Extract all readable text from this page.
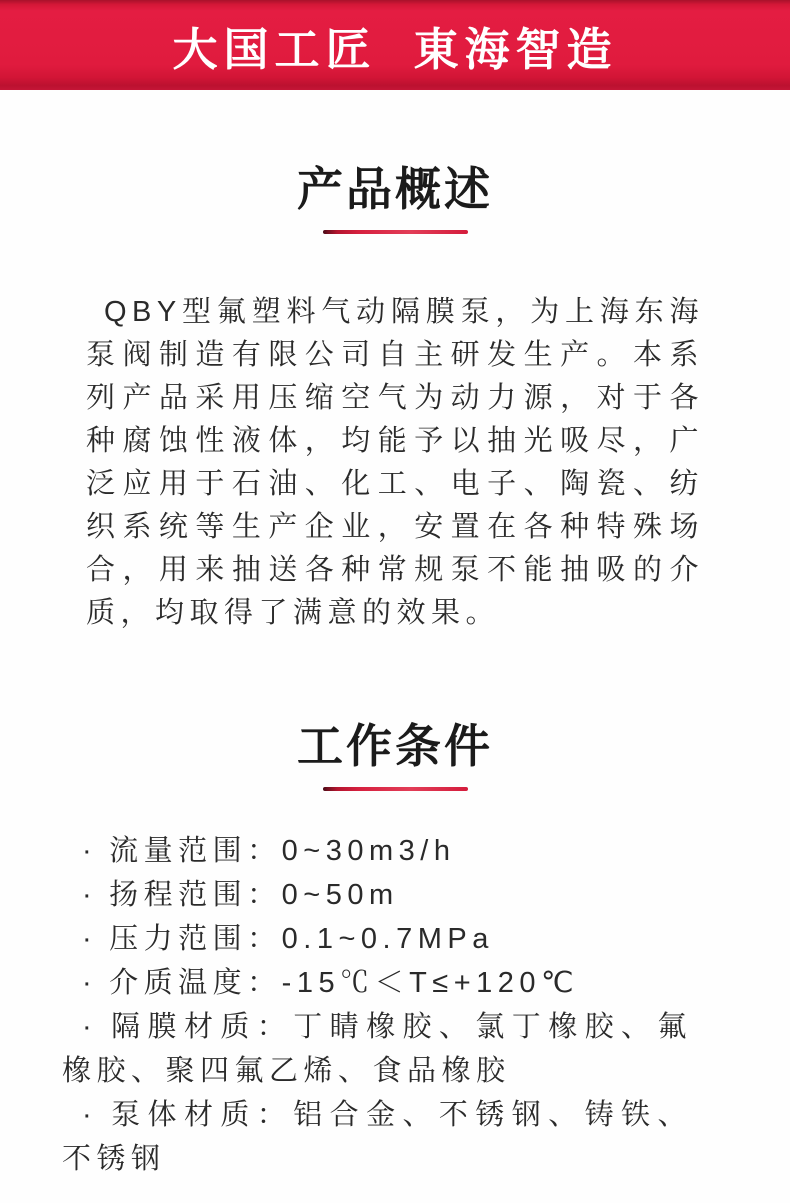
大国工匠  東海智造
产品概述

QBY型氟塑料气动隔膜泵，为上海东海泵阀制造有限公司自主研发生产。本系列产品采用压缩空气为动力源，对于各种腐蚀性液体，均能予以抽光吸尽，广泛应用于石油、化工、电子、陶瓷、纺织系统等生产企业，安置在各种特殊场合，用来抽送各种常规泵不能抽吸的介质，均取得了满意的效果。

工作条件
· 流量范围：0~30m3/h
· 扬程范围：0~50m
· 压力范围：0.1~0.7MPa
· 介质温度：-15℃＜T≤+120℃
· 隔膜材质：丁睛橡胶、氯丁橡胶、氟橡胶、聚四氟乙烯、食品橡胶
· 泵体材质：铝合金、不锈钢、铸铁、不锈钢
